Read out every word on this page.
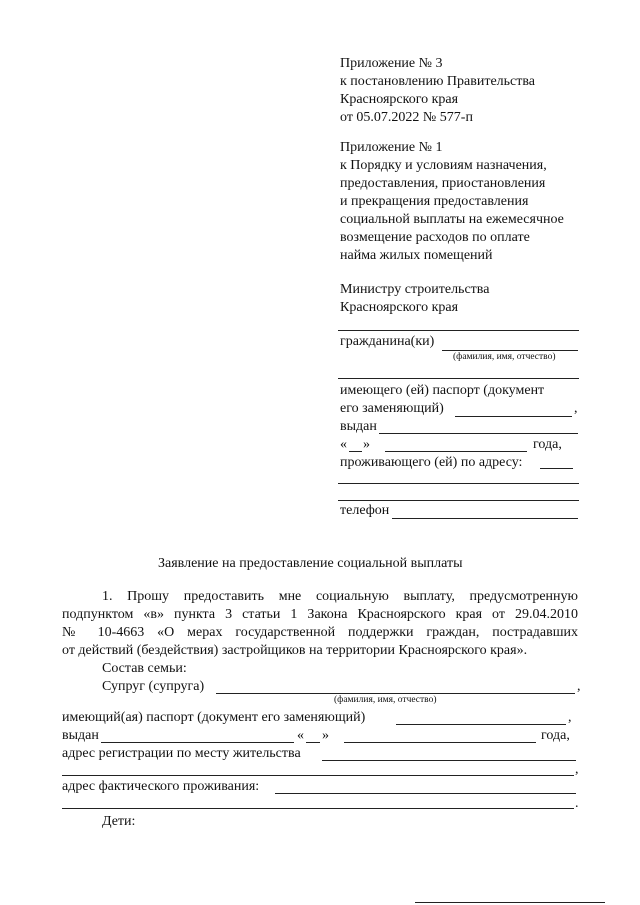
Приложение № 3
к постановлению Правительства
Красноярского края
от 05.07.2022 № 577-п
Приложение № 1
к Порядку и условиям назначения,
предоставления, приостановления
и прекращения предоставления
социальной выплаты на ежемесячное
возмещение расходов по оплате
найма жилых помещений
Министру строительства
Красноярского края
гражданина(ки)
(фамилия, имя, отчество)
имеющего (ей) паспорт (документ
его заменяющий)	,
выдан
« »	года,
проживающего (ей) по адресу:
телефон
Заявление на предоставление социальной выплаты
1. Прошу предоставить мне социальную выплату, предусмотренную
подпунктом «в» пункта 3 статьи 1 Закона Красноярского края от 29.04.2010
№ 10-4663 «О мерах государственной поддержки граждан, пострадавших
от действий (бездействия) застройщиков на территории Красноярского края».
Состав семьи:
Супруг (супруга)	,
(фамилия, имя, отчество)
имеющий(ая) паспорт (документ его заменяющий)	,
выдан	« »	года,
адрес регистрации по месту жительства
,
адрес фактического проживания:
.
Дети:
